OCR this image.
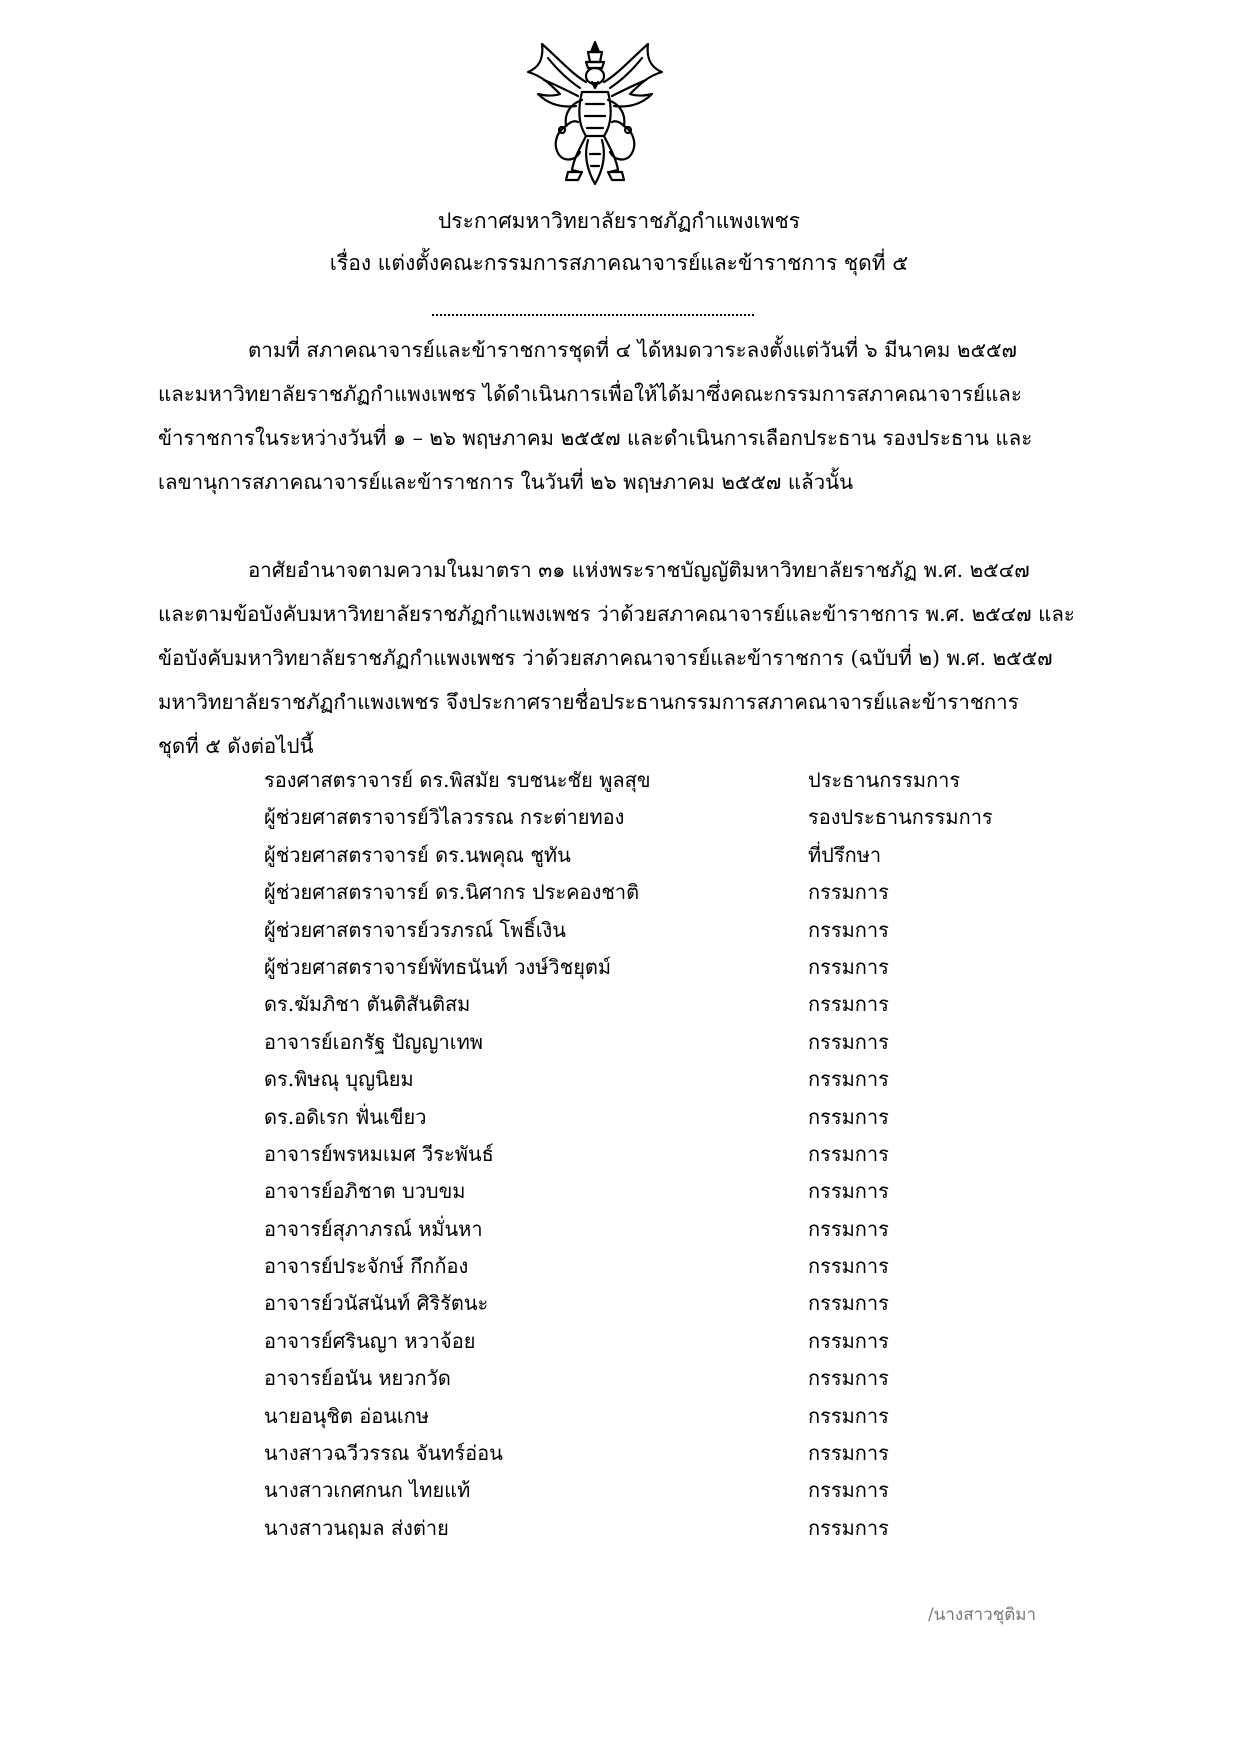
ประกาศมหาวิทยาลัยราชภัฏกำแพงเพชร
เรื่อง แต่งตั้งคณะกรรมการสภาคณาจารย์และข้าราชการ ชุดที่ ๕
ตามที่ สภาคณาจารย์และข้าราชการชุดที่ ๔ ได้หมดวาระลงตั้งแต่วันที่ ๖ มีนาคม ๒๕๕๗
และมหาวิทยาลัยราชภัฏกำแพงเพชร ได้ดำเนินการเพื่อให้ได้มาซึ่งคณะกรรมการสภาคณาจารย์และ
ข้าราชการในระหว่างวันที่ ๑ – ๒๖ พฤษภาคม ๒๕๕๗ และดำเนินการเลือกประธาน รองประธาน และ
เลขานุการสภาคณาจารย์และข้าราชการ ในวันที่ ๒๖ พฤษภาคม ๒๕๕๗ แล้วนั้น
อาศัยอำนาจตามความในมาตรา ๓๑ แห่งพระราชบัญญัติมหาวิทยาลัยราชภัฏ พ.ศ. ๒๕๔๗
และตามข้อบังคับมหาวิทยาลัยราชภัฏกำแพงเพชร ว่าด้วยสภาคณาจารย์และข้าราชการ พ.ศ. ๒๕๔๗ และ
ข้อบังคับมหาวิทยาลัยราชภัฏกำแพงเพชร ว่าด้วยสภาคณาจารย์และข้าราชการ (ฉบับที่ ๒) พ.ศ. ๒๕๕๗
มหาวิทยาลัยราชภัฏกำแพงเพชร จึงประกาศรายชื่อประธานกรรมการสภาคณาจารย์และข้าราชการ
ชุดที่ ๕ ดังต่อไปนี้
รองศาสตราจารย์ ดร.พิสมัย รบชนะชัย พูลสุข	ประธานกรรมการ
ผู้ช่วยศาสตราจารย์วิไลวรรณ กระต่ายทอง	รองประธานกรรมการ
ผู้ช่วยศาสตราจารย์ ดร.นพคุณ ชูทัน	ที่ปรึกษา
ผู้ช่วยศาสตราจารย์ ดร.นิศากร ประคองชาติ	กรรมการ
ผู้ช่วยศาสตราจารย์วรภรณ์ โพธิ์เงิน	กรรมการ
ผู้ช่วยศาสตราจารย์พัทธนันท์ วงษ์วิชยุตม์	กรรมการ
ดร.ฆัมภิชา ตันติสันติสม	กรรมการ
อาจารย์เอกรัฐ ปัญญาเทพ	กรรมการ
ดร.พิษณุ บุญนิยม	กรรมการ
ดร.อดิเรก ฟั่นเขียว	กรรมการ
อาจารย์พรหมเมศ วีระพันธ์	กรรมการ
อาจารย์อภิชาต บวบขม	กรรมการ
อาจารย์สุภาภรณ์ หมั่นหา	กรรมการ
อาจารย์ประจักษ์ กึกก้อง	กรรมการ
อาจารย์วนัสนันท์ ศิริรัตนะ	กรรมการ
อาจารย์ศรินญา หวาจ้อย	กรรมการ
อาจารย์อนัน หยวกวัด	กรรมการ
นายอนุชิต อ่อนเกษ	กรรมการ
นางสาวฉวีวรรณ จันทร์อ่อน	กรรมการ
นางสาวเกศกนก ไทยแท้	กรรมการ
นางสาวนฤมล ส่งต่าย	กรรมการ
/นางสาวชุติมา
